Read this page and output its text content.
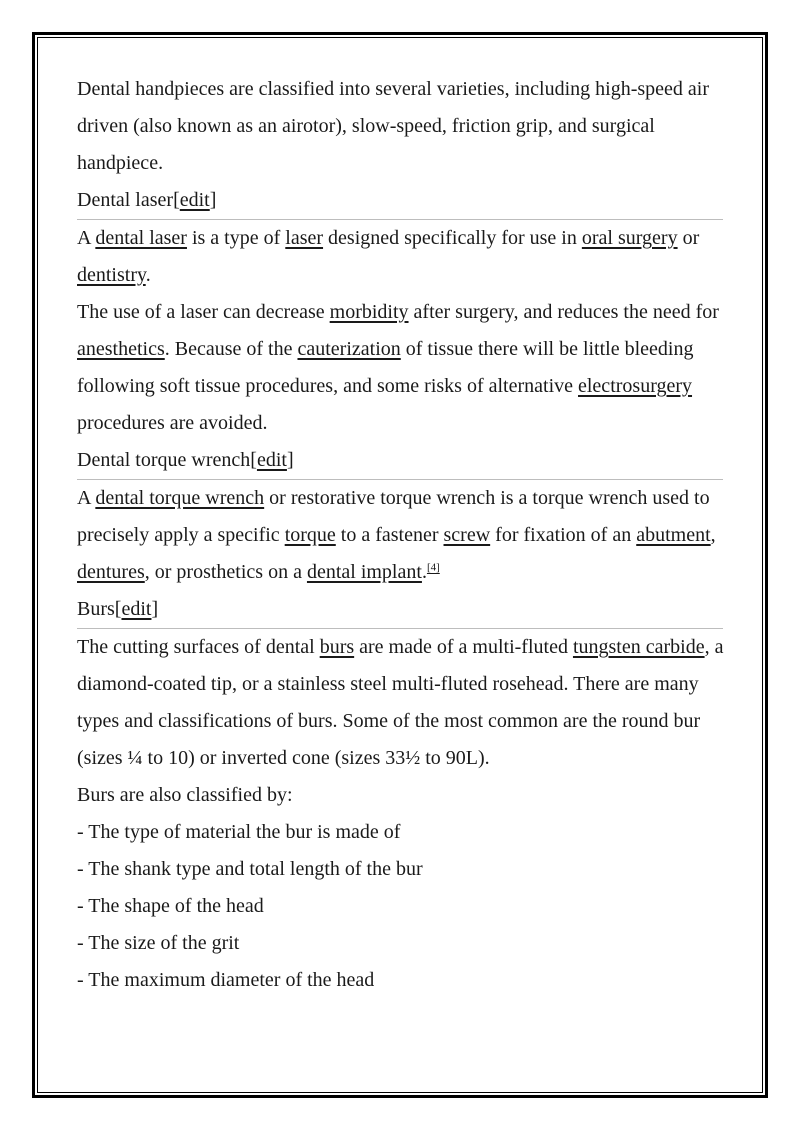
Dental handpieces are classified into several varieties, including high-speed air driven (also known as an airotor), slow-speed, friction grip, and surgical handpiece.

Dental laser[edit]

A dental laser is a type of laser designed specifically for use in oral surgery or dentistry.

The use of a laser can decrease morbidity after surgery, and reduces the need for anesthetics. Because of the cauterization of tissue there will be little bleeding following soft tissue procedures, and some risks of alternative electrosurgery procedures are avoided.

Dental torque wrench[edit]

A dental torque wrench or restorative torque wrench is a torque wrench used to precisely apply a specific torque to a fastener screw for fixation of an abutment, dentures, or prosthetics on a dental implant.[4]

Burs[edit]

The cutting surfaces of dental burs are made of a multi-fluted tungsten carbide, a diamond-coated tip, or a stainless steel multi-fluted rosehead. There are many types and classifications of burs. Some of the most common are the round bur (sizes ¼ to 10) or inverted cone (sizes 33½ to 90L).

Burs are also classified by:

- The type of material the bur is made of

- The shank type and total length of the bur

- The shape of the head

- The size of the grit

- The maximum diameter of the head
